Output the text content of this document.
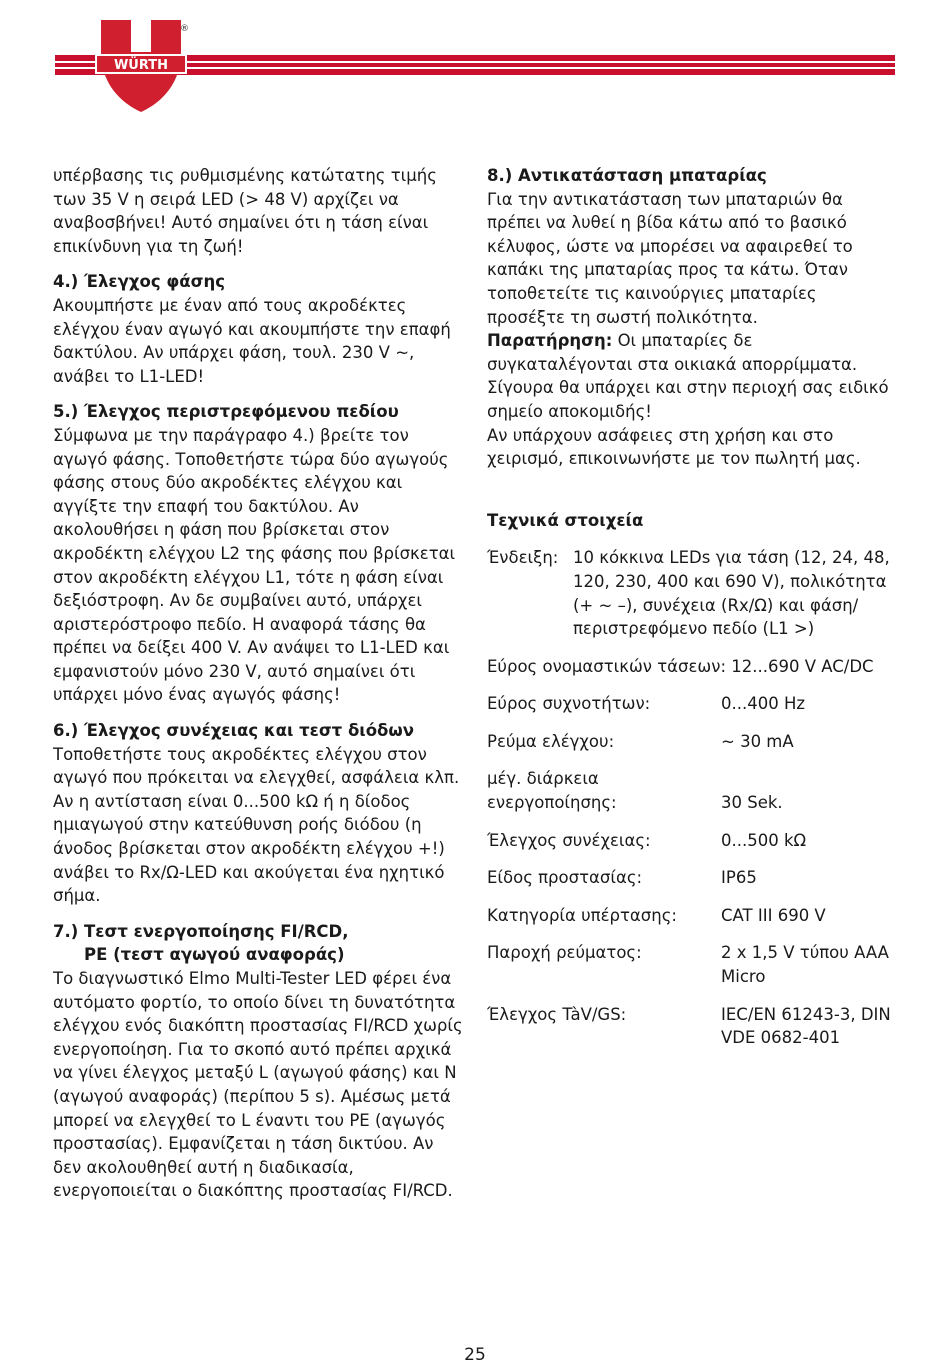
WÜRTH
®

υπέρβασης τις ρυθμισμένης κατώτατης τιμής των 35 V η σειρά LED (> 48 V) αρχίζει να αναβοσβήνει! Αυτό σημαίνει ότι η τάση είναι επικίνδυνη για τη ζωή!

4.) Έλεγχος φάσης

Ακουμπήστε με έναν από τους ακροδέκτες ελέγχου έναν αγωγό και ακουμπήστε την επαφή δακτύλου. Αν υπάρχει φάση, τουλ. 230 V ~, ανάβει το L1-LED!

5.) Έλεγχος περιστρεφόμενου πεδίου

Σύμφωνα με την παράγραφο 4.) βρείτε τον αγωγό φάσης. Τοποθετήστε τώρα δύο αγωγούς φάσης στους δύο ακροδέκτες ελέγχου και αγγίξτε την επαφή του δακτύλου. Αν ακολουθήσει η φάση που βρίσκεται στον ακροδέκτη ελέγχου L2 της φάσης που βρίσκεται στον ακροδέκτη ελέγχου L1, τότε η φάση είναι δεξιόστροφη. Αν δε συμβαίνει αυτό, υπάρχει αριστερόστροφο πεδίο. Η αναφορά τάσης θα πρέπει να δείξει 400 V. Αν ανάψει το L1-LED και εμφανιστούν μόνο 230 V, αυτό σημαίνει ότι υπάρχει μόνο ένας αγωγός φάσης!

6.) Έλεγχος συνέχειας και τεστ διόδων

Τοποθετήστε τους ακροδέκτες ελέγχου στον αγωγό που πρόκειται να ελεγχθεί, ασφάλεια κλπ. Αν η αντίσταση είναι 0...500 kΩ ή η δίοδος ημιαγωγού στην κατεύθυνση ροής διόδου (η άνοδος βρίσκεται στον ακροδέκτη ελέγχου +!) ανάβει το Rx/Ω-LED και ακούγεται ένα ηχητικό σήμα.

7.) Τεστ ενεργοποίησης FI/RCD,

PE (τεστ αγωγού αναφοράς)

Το διαγνωστικό Elmo Multi-Tester LED φέρει ένα αυτόματο φορτίο, το οποίο δίνει τη δυνατότητα ελέγχου ενός διακόπτη προστασίας FI/RCD χωρίς ενεργοποίηση. Για το σκοπό αυτό πρέπει αρχικά να γίνει έλεγχος μεταξύ L (αγωγού φάσης) και N (αγωγού αναφοράς) (περίπου 5 s). Αμέσως μετά μπορεί να ελεγχθεί το L έναντι του PE (αγωγός προστασίας). Εμφανίζεται η τάση δικτύου. Αν δεν ακολουθηθεί αυτή η διαδικασία, ενεργοποιείται ο διακόπτης προστασίας FI/RCD.

8.) Αντικατάσταση μπαταρίας

Για την αντικατάσταση των μπαταριών θα πρέπει να λυθεί η βίδα κάτω από το βασικό κέλυφος, ώστε να μπορέσει να αφαιρεθεί το καπάκι της μπαταρίας προς τα κάτω. Όταν τοποθετείτε τις καινούργιες μπαταρίες προσέξτε τη σωστή πολικότητα.

Παρατήρηση: Οι μπαταρίες δε συγκαταλέγονται στα οικιακά απορρίμματα. Σίγουρα θα υπάρχει και στην περιοχή σας ειδικό σημείο αποκομιδής!

Αν υπάρχουν ασάφειες στη χρήση και στο χειρισμό, επικοινωνήστε με τον πωλητή μας.

Τεχνικά στοιχεία

Ένδειξη: 10 κόκκινα LEDs για τάση (12, 24, 48, 120, 230, 400 και 690 V), πολικότητα (+ ~ –), συνέχεια (Rx/Ω) και φάση/περιστρεφόμενο πεδίο (L1 >)

Εύρος ονομαστικών τάσεων: 12...690 V AC/DC

Εύρος συχνοτήτων:	0...400 Hz
Ρεύμα ελέγχου:	~ 30 mA
μέγ. διάρκεια ενεργοποίησης:	30 Sek.
Έλεγχος συνέχειας:	0...500 kΩ
Είδος προστασίας:	IP65
Κατηγορία υπέρτασης:	CAT III 690 V
Παροχή ρεύματος:	2 x 1,5 V τύπου AAA Micro
Έλεγχος TàV/GS:	IEC/EN 61243-3, DIN VDE 0682-401
25
